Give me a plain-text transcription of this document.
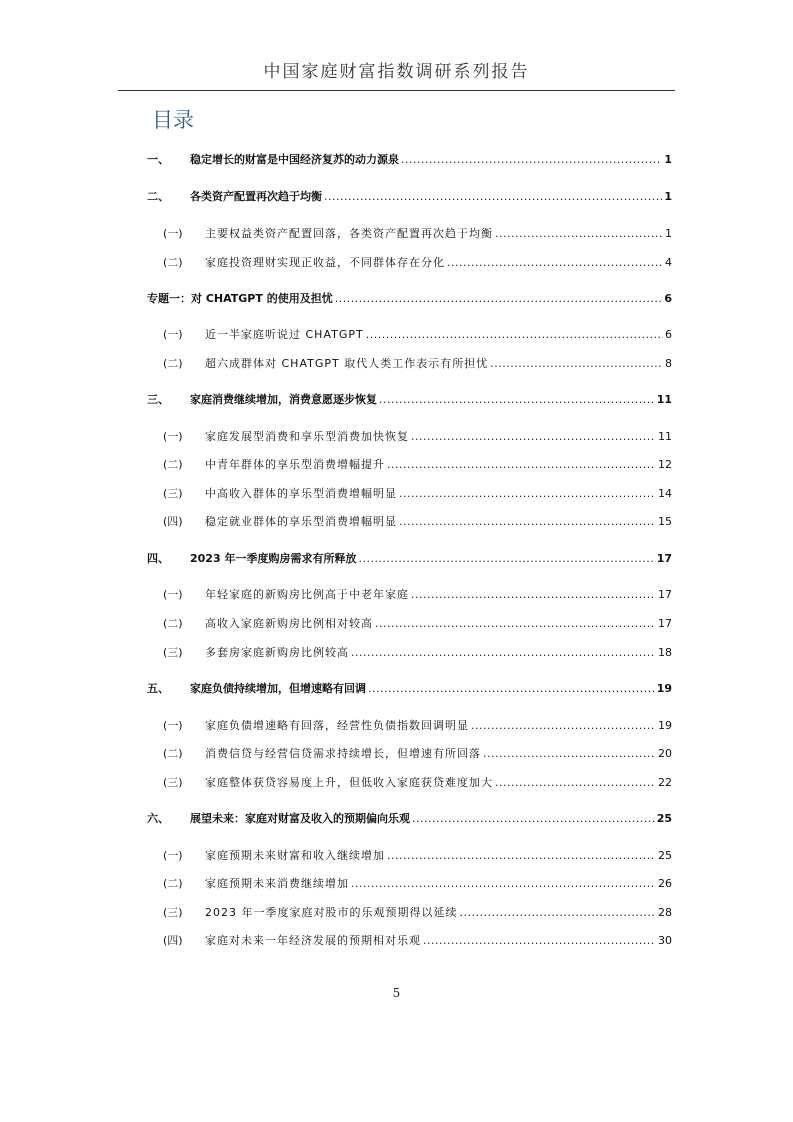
中国家庭财富指数调研系列报告
目录
一、	稳定增长的财富是中国经济复苏的动力源泉 .....	1
二、	各类资产配置再次趋于均衡 .....	1
(一)	主要权益类资产配置回落，各类资产配置再次趋于均衡 .....	1
(二)	家庭投资理财实现正收益，不同群体存在分化 .....	4
专题一：对 CHATGPT 的使用及担忧 .....	6
(一)	近一半家庭听说过 CHATGPT .....	6
(二)	超六成群体对 CHATGPT 取代人类工作表示有所担忧 .....	8
三、	家庭消费继续增加，消费意愿逐步恢复 .....	11
(一)	家庭发展型消费和享乐型消费加快恢复 .....	11
(二)	中青年群体的享乐型消费增幅提升 .....	12
(三)	中高收入群体的享乐型消费增幅明显 .....	14
(四)	稳定就业群体的享乐型消费增幅明显 .....	15
四、	2023 年一季度购房需求有所释放 .....	17
(一)	年轻家庭的新购房比例高于中老年家庭 .....	17
(二)	高收入家庭新购房比例相对较高 .....	17
(三)	多套房家庭新购房比例较高 .....	18
五、	家庭负债持续增加，但增速略有回调 .....	19
(一)	家庭负债增速略有回落，经营性负债指数回调明显 .....	19
(二)	消费信贷与经营信贷需求持续增长，但增速有所回落 .....	20
(三)	家庭整体获贷容易度上升，但低收入家庭获贷难度加大 .....	22
六、	展望未来：家庭对财富及收入的预期偏向乐观 .....	25
(一)	家庭预期未来财富和收入继续增加 .....	25
(二)	家庭预期未来消费继续增加 .....	26
(三)	2023 年一季度家庭对股市的乐观预期得以延续 .....	28
(四)	家庭对未来一年经济发展的预期相对乐观 .....	30
5
